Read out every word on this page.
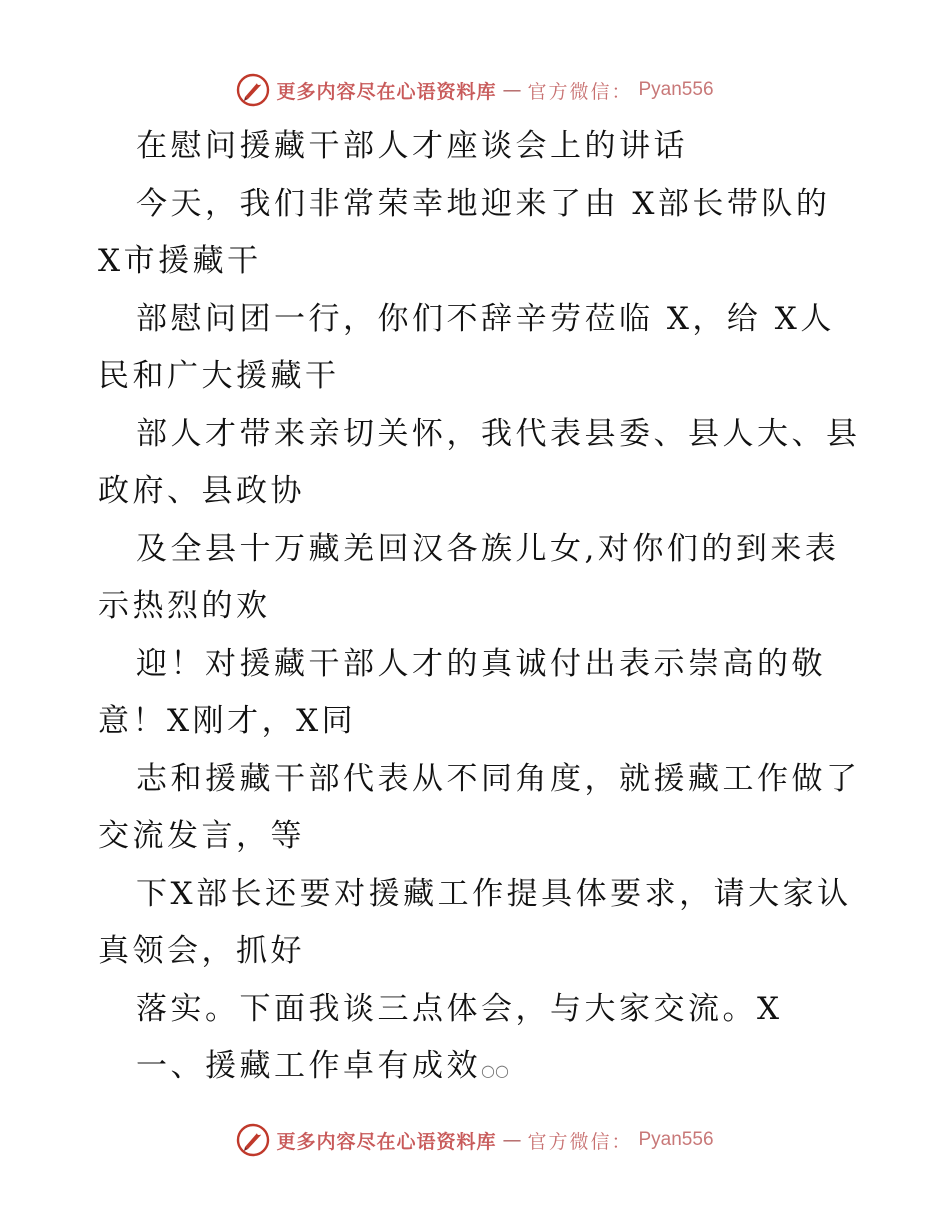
更多内容尽在心语资料库 — 官方微信： Pyan556
在慰问援藏干部人才座谈会上的讲话
今天，我们非常荣幸地迎来了由 X部长带队的
X市援藏干
部慰问团一行，你们不辞辛劳莅临 X，给 X人
民和广大援藏干
部人才带来亲切关怀，我代表县委、县人大、县
政府、县政协
及全县十万藏羌回汉各族儿女,对你们的到来表
示热烈的欢
迎！对援藏干部人才的真诚付出表示崇高的敬
意！X刚才，X同
志和援藏干部代表从不同角度，就援藏工作做了
交流发言，等
下X部长还要对援藏工作提具体要求，请大家认
真领会，抓好
落实。下面我谈三点体会，与大家交流。X
一、援藏工作卓有成效○○
更多内容尽在心语资料库 — 官方微信： Pyan556
